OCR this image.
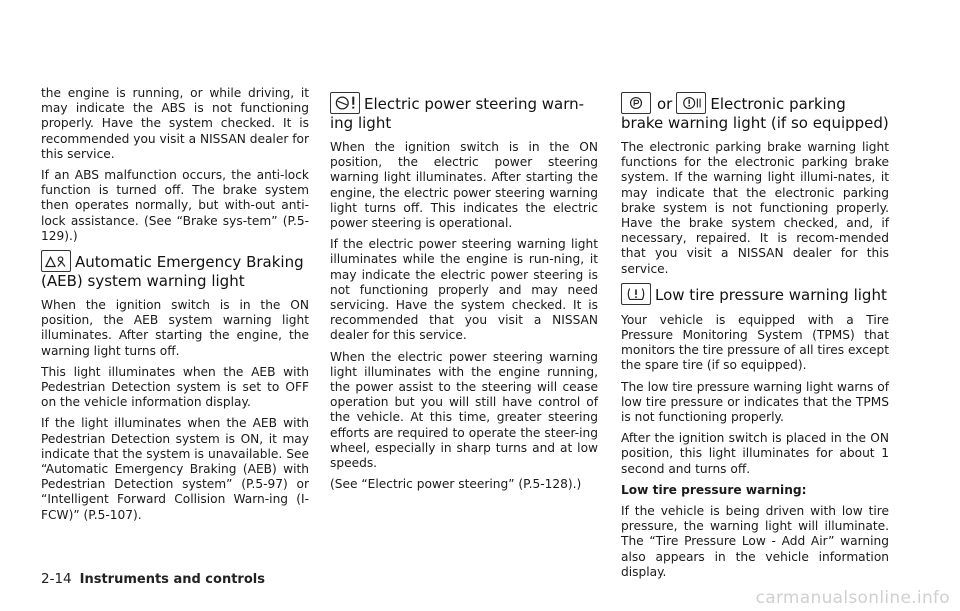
the engine is running, or while driving, it may indicate the ABS is not functioning properly. Have the system checked. It is recommended you visit a NISSAN dealer for this service.

If an ABS malfunction occurs, the anti-lock function is turned off. The brake system then operates normally, but with-out anti-lock assistance. (See “Brake sys-tem” (P.5-129).)

Automatic Emergency Braking (AEB) system warning light

When the ignition switch is in the ON position, the AEB system warning light illuminates. After starting the engine, the warning light turns off.

This light illuminates when the AEB with Pedestrian Detection system is set to OFF on the vehicle information display.

If the light illuminates when the AEB with Pedestrian Detection system is ON, it may indicate that the system is unavailable. See “Automatic Emergency Braking (AEB) with Pedestrian Detection system” (P.5-97) or “Intelligent Forward Collision Warn-ing (I-FCW)” (P.5-107).

Electric power steering warn-ing light

When the ignition switch is in the ON position, the electric power steering warning light illuminates. After starting the engine, the electric power steering warning light turns off. This indicates the electric power steering is operational.

If the electric power steering warning light illuminates while the engine is run-ning, it may indicate the electric power steering is not functioning properly and may need servicing. Have the system checked. It is recommended that you visit a NISSAN dealer for this service.

When the electric power steering warning light illuminates with the engine running, the power assist to the steering will cease operation but you will still have control of the vehicle. At this time, greater steering efforts are required to operate the steer-ing wheel, especially in sharp turns and at low speeds.

(See “Electric power steering” (P.5-128).)

or	Electronic parking brake warning light (if so equipped)

The electronic parking brake warning light functions for the electronic parking brake system. If the warning light illumi-nates, it may indicate that the electronic parking brake system is not functioning properly. Have the brake system checked, and, if necessary, repaired. It is recom-mended that you visit a NISSAN dealer for this service.

Low tire pressure warning light

Your vehicle is equipped with a Tire Pressure Monitoring System (TPMS) that monitors the tire pressure of all tires except the spare tire (if so equipped).

The low tire pressure warning light warns of low tire pressure or indicates that the TPMS is not functioning properly.

After the ignition switch is placed in the ON position, this light illuminates for about 1 second and turns off.

Low tire pressure warning:

If the vehicle is being driven with low tire pressure, the warning light will illuminate. The “Tire Pressure Low - Add Air” warning also appears in the vehicle information display.

2-14 Instruments and controls
carmanualsonline.info
